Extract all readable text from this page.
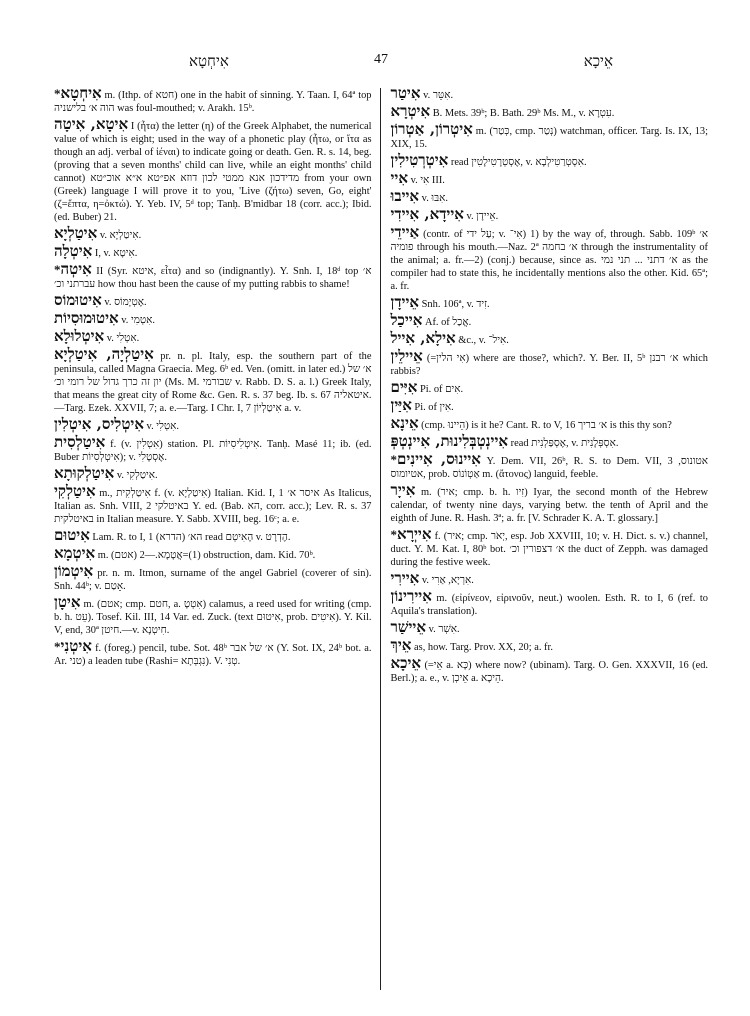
אִיחְטָא	47	אֵיכָא

*אִיחְטָא m. (Ithp. of חטא) one in the habit of sinning. Y. Taan. I, 64ª top הוה א׳ בלישניה was foul-mouthed; v. Arakh. 15ᵇ.

אִיטָא, אִיטָה I (ἦτα) the letter (η) of the Greek Alphabet, the numerical value of which is eight; used in the way of a phonetic play (ἦτω, or ἴτα as though an adj. verbal of ἰέναι) to indicate going or death. Gen. R. s. 14, beg. (proving that a seven months' child can live, while an eight months' child cannot) מדידכון אנא ממטי לכון דוזא אפ״טא א״א אוכ״טא from your own (Greek) language I will prove it to you, 'Live (ζήτω) seven, Go, eight' (ζ=ἕπτα, η=ὀκτώ). Y. Yeb. IV, 5ᵈ top; Tanḥ. B'midbar 18 (corr. acc.); Ibid. (ed. Buber) 21.

אִיטַלְיָא v. אִיטַלְיָא.

אִיטְלָה I, v. אִיטָא.

*אִיטְה II (Syr. איטא, εἶτα) and so (indignantly). Y. Snh. I, 18ᵈ top א׳ עברתני וכ׳ how thou hast been the cause of my putting rabbis to shame!

אִיטוּמוֹס v. אֶטְיָמוֹס.

אִיטוּמוּסִיוֹת v. אִטְמִי.

אִיטְלוּלָא v. אִטְלִי.

אִיטַלְיָה, אִיטַלְיָא pr. n. pl. Italy, esp. the southern part of the peninsula, called Magna Graecia. Meg. 6ᵇ ed. Ven. (omitt. in later ed.) א׳ של יון זה כרך גדול של רומי וכ׳ (Ms. M. שבורמי v. Rabb. D. S. a. l.) Greek Italy, that means the great city of Rome &c. Gen. R. s. 37 beg. Ib. s. 67 איטאליה.—Targ. Ezek. XXVII, 7; a. e.—Targ. I Chr. I, 7 אִיטַלְיוֹן a. v.

אִיטְלִיס, אִיטְלִין v. אִטְלִי.

אִיטַלְסִית f. (v. אִטְלִין) station. Pl. אִיטְלִיסִיוֹת. Tanḥ. Masé 11; ib. (ed. Buber אִיטְלְסִיוֹת); v. אֶסְטָלִי.

אִיטַלְקוּתָא v. אִיטַלְקִי.

אִיטַלְקִי m., אִיטַלְקִית f. (v. אִיטַלְיָא) Italian. Kid. I, 1 איסר א׳ As Italicus, Italian as. Snh. VIII, 2 באיטלקי Y. ed. (Bab. הא, corr. acc.); Lev. R. s. 37 באיטלקית in Italian measure. Y. Sabb. XVIII, beg. 16ᶜ; a. e.

אִיטוּם Lam. R. to I, 1 (הדרא) הא׳ read הָאִיטְם v. הֶדְרָט.

אִיטְמָא m. (אטם) 1)=אֲטָמָא.—2) obstruction, dam. Kid. 70ᵇ.

אִיטְמוֹן pr. n. m. Itmon, surname of the angel Gabriel (coverer of sin). Snh. 44ᵇ; v. אָטַם.

אִיטָן m. (אטם; cmp. חטם, a. אִטְטָ) calamus, a reed used for writing (cmp. b. h. עֵט). Tosef. Kil. III, 14 Var. ed. Zuck. (text אִיטוּם, prob. אִיטִים). Y. Kil. V, end, 30ª חיטן.—v. חִיטְנָא.

*אִיטְנִי f. (foreg.) pencil, tube. Sot. 48ᵇ א׳ של אבר (Y. Sot. IX, 24ᵇ bot. a. Ar. טני) a leaden tube (Rashi= נִגְבְּתָא). V. טְנִי.

אִיטַר v. אִטֵּר.

אִיטְרָא B. Mets. 39ᵇ; B. Bath. 29ᵇ Ms. M., v. עִטְרָא.

אִיטְרוֹן, אַטְרוֹן m. (כְּטַר, cmp. נְטַר) watchman, officer. Targ. Is. IX, 13; XIX, 15.

אִיטְרְטִילִין read אֶסְטְרָטִילָטִין, v. אִסְטְרַטִילְבָא.

אִיי v. אִי III.

אִייבוּ v. אִבּוּ.

אִיידָא, אִיידִי v. אֵיידָן.

אַיידֵי (contr. of עַל ידי; v. אִי־) 1) by the way of, through. Sabb. 109ᵇ א׳ פומיה through his mouth.—Naz. 2ª א׳ בחמה through the instrumentality of the animal; a. fr.—2) (conj.) because, since as. א׳ דתני ... תני נמי as the compiler had to state this, he incidentally mentions also the other. Kid. 65ª; a. fr.

אֵיידָן Snh. 106ª, v. זִיד.

אִייכַל Af. of אֲכַל.

אִילָא, אִייל &c., v. אִיל־.

אֵיילֵין (=אִי הלין) where are those?, which?. Y. Ber. II, 5ᵇ א׳ רבנן which rabbis?

אִיִּים Pi. of אִים.

אִיַּין Pi. of אִין.

אֵינָא (cmp. הֵיינוּ) is it he? Cant. R. to V, 16 א׳ בריך is this thy son?

אִיינְטְבְּלִינוּת, אִיינְטְפְּ read אֶסְפַּלְנִית, v. אִסְפְּלָנִית.

*אִיינוּס, אִיינִים Y. Dem. VII, 26ᵇ, R. S. to Dem. VII, 3 אטונוס, אטיומוס, prob. אַטְוֹנוֹס m. (ἄτονος) languid, feeble.

אִייָר m. (איר; cmp. b. h. זִיו) Iyar, the second month of the Hebrew calendar, of twenty nine days, varying betw. the tenth of April and the eighth of June. R. Hash. 3ª; a. fr. [V. Schrader K. A. T. glossary.]

*אִייְרָא f. (איר; cmp. יְאֹר, esp. Job XXVIII, 10; v. H. Dict. s. v.) channel, duct. Y. M. Kat. I, 80ᵇ bot. א׳ דצפורין וכ׳ the duct of Zepph. was damaged during the festive week.

אִיירִי v. אִרְיָא, אַרִי.

אִיירִינוֹן m. (εἰρίνεον, εἰρινοῦν, neut.) woolen. Esth. R. to I, 6 (ref. to Aquila's translation).

אֵיישַׁר v. אִשְׁר.

אֵיךְ as, how. Targ. Prov. XX, 20; a. fr.

אֵיכָא (=אֵי a. כָּא) where now? (ubinam). Targ. O. Gen. XXXVII, 16 (ed. Berl.); a. e., v. אֵיכְן a. הֵיכָא.
